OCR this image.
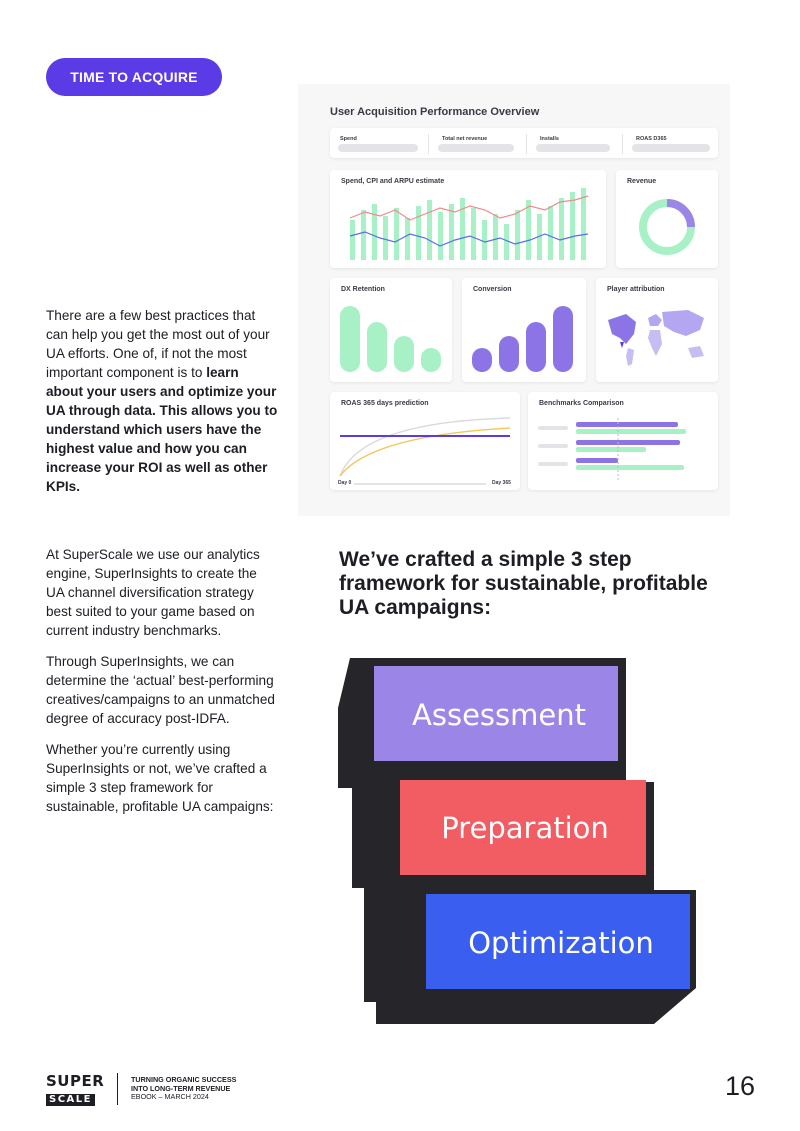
TIME TO ACQUIRE
There are a few best practices that can help you get the most out of your UA efforts. One of, if not the most important component is to learn about your users and optimize your UA through data. This allows you to understand which users have the highest value and how you can increase your ROI as well as other KPIs.

At SuperScale we use our analytics engine, SuperInsights to create the UA channel diversification strategy best suited to your game based on current industry benchmarks.

Through SuperInsights, we can determine the ‘actual’ best-performing creatives/campaigns to an unmatched degree of accuracy post-IDFA.

Whether you’re currently using SuperInsights or not, we’ve crafted a simple 3 step framework for sustainable, profitable UA campaigns:

We’ve crafted a simple 3 step framework for sustainable, profitable UA campaigns:
User Acquisition Performance Overview
Spend	Total net revenue	Installs	ROAS D365
Spend, CPI and ARPU estimate	Revenue
DX Retention	Conversion	Player attribution
ROAS 365 days prediction
Day 0	Day 365
Benchmarks Comparison
Assessment
Preparation
Optimization
SUPER
SCALE
TURNING ORGANIC SUCCESS
INTO LONG-TERM REVENUE
EBOOK – MARCH 2024	16
